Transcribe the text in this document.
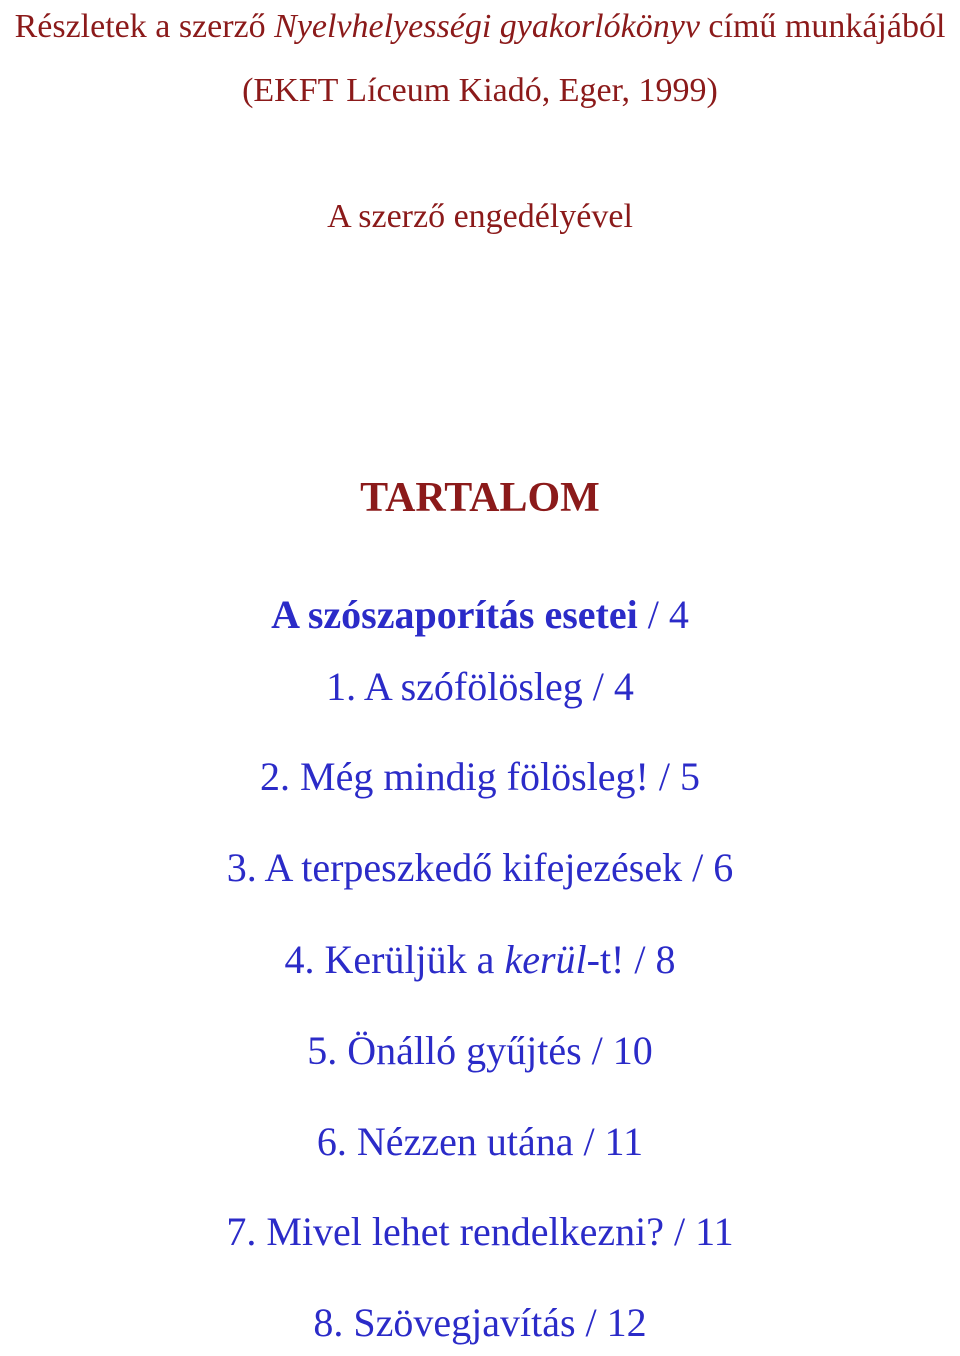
Részletek a szerző Nyelvhelyességi gyakorlókönyv című munkájából
(EKFT Líceum Kiadó, Eger, 1999)
A szerző engedélyével
TARTALOM
A szószaporítás esetei / 4
1. A szófölösleg / 4
2. Még mindig fölösleg! / 5
3. A terpeszkedő kifejezések / 6
4. Kerüljük a kerül-t! / 8
5. Önálló gyűjtés / 10
6. Nézzen utána / 11
7. Mivel lehet rendelkezni? / 11
8. Szövegjavítás / 12
